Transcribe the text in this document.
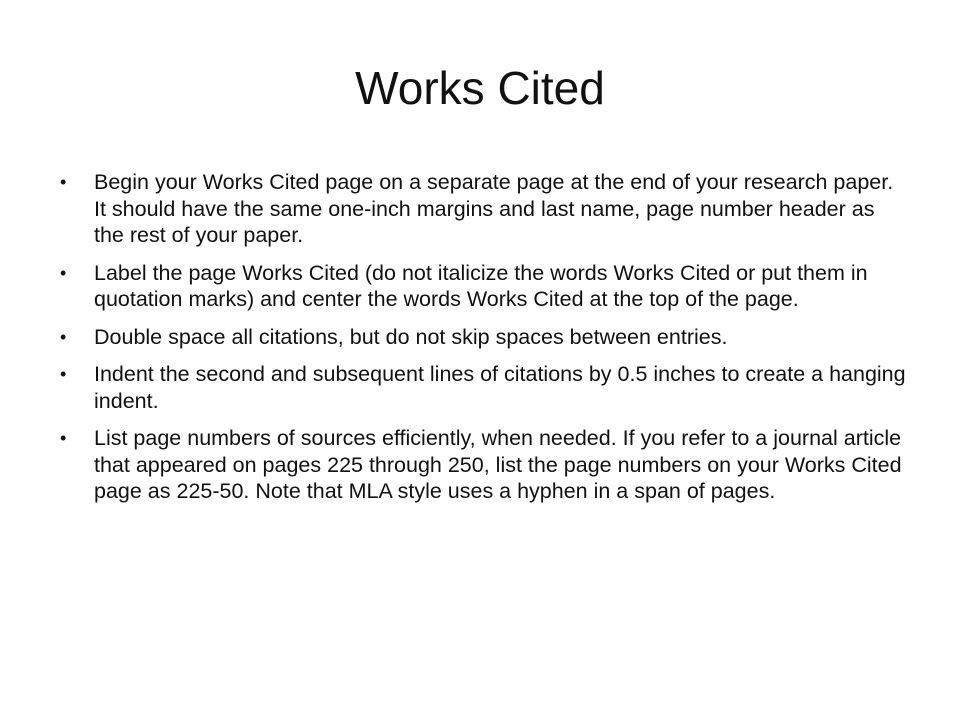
Works Cited
•	Begin your Works Cited page on a separate page at the end of your research paper. It should have the same one-inch margins and last name, page number header as the rest of your paper.
•	Label the page Works Cited (do not italicize the words Works Cited or put them in quotation marks) and center the words Works Cited at the top of the page.
•	Double space all citations, but do not skip spaces between entries.
•	Indent the second and subsequent lines of citations by 0.5 inches to create a hanging indent.
•	List page numbers of sources efficiently, when needed. If you refer to a journal article that appeared on pages 225 through 250, list the page numbers on your Works Cited page as 225-50. Note that MLA style uses a hyphen in a span of pages.
